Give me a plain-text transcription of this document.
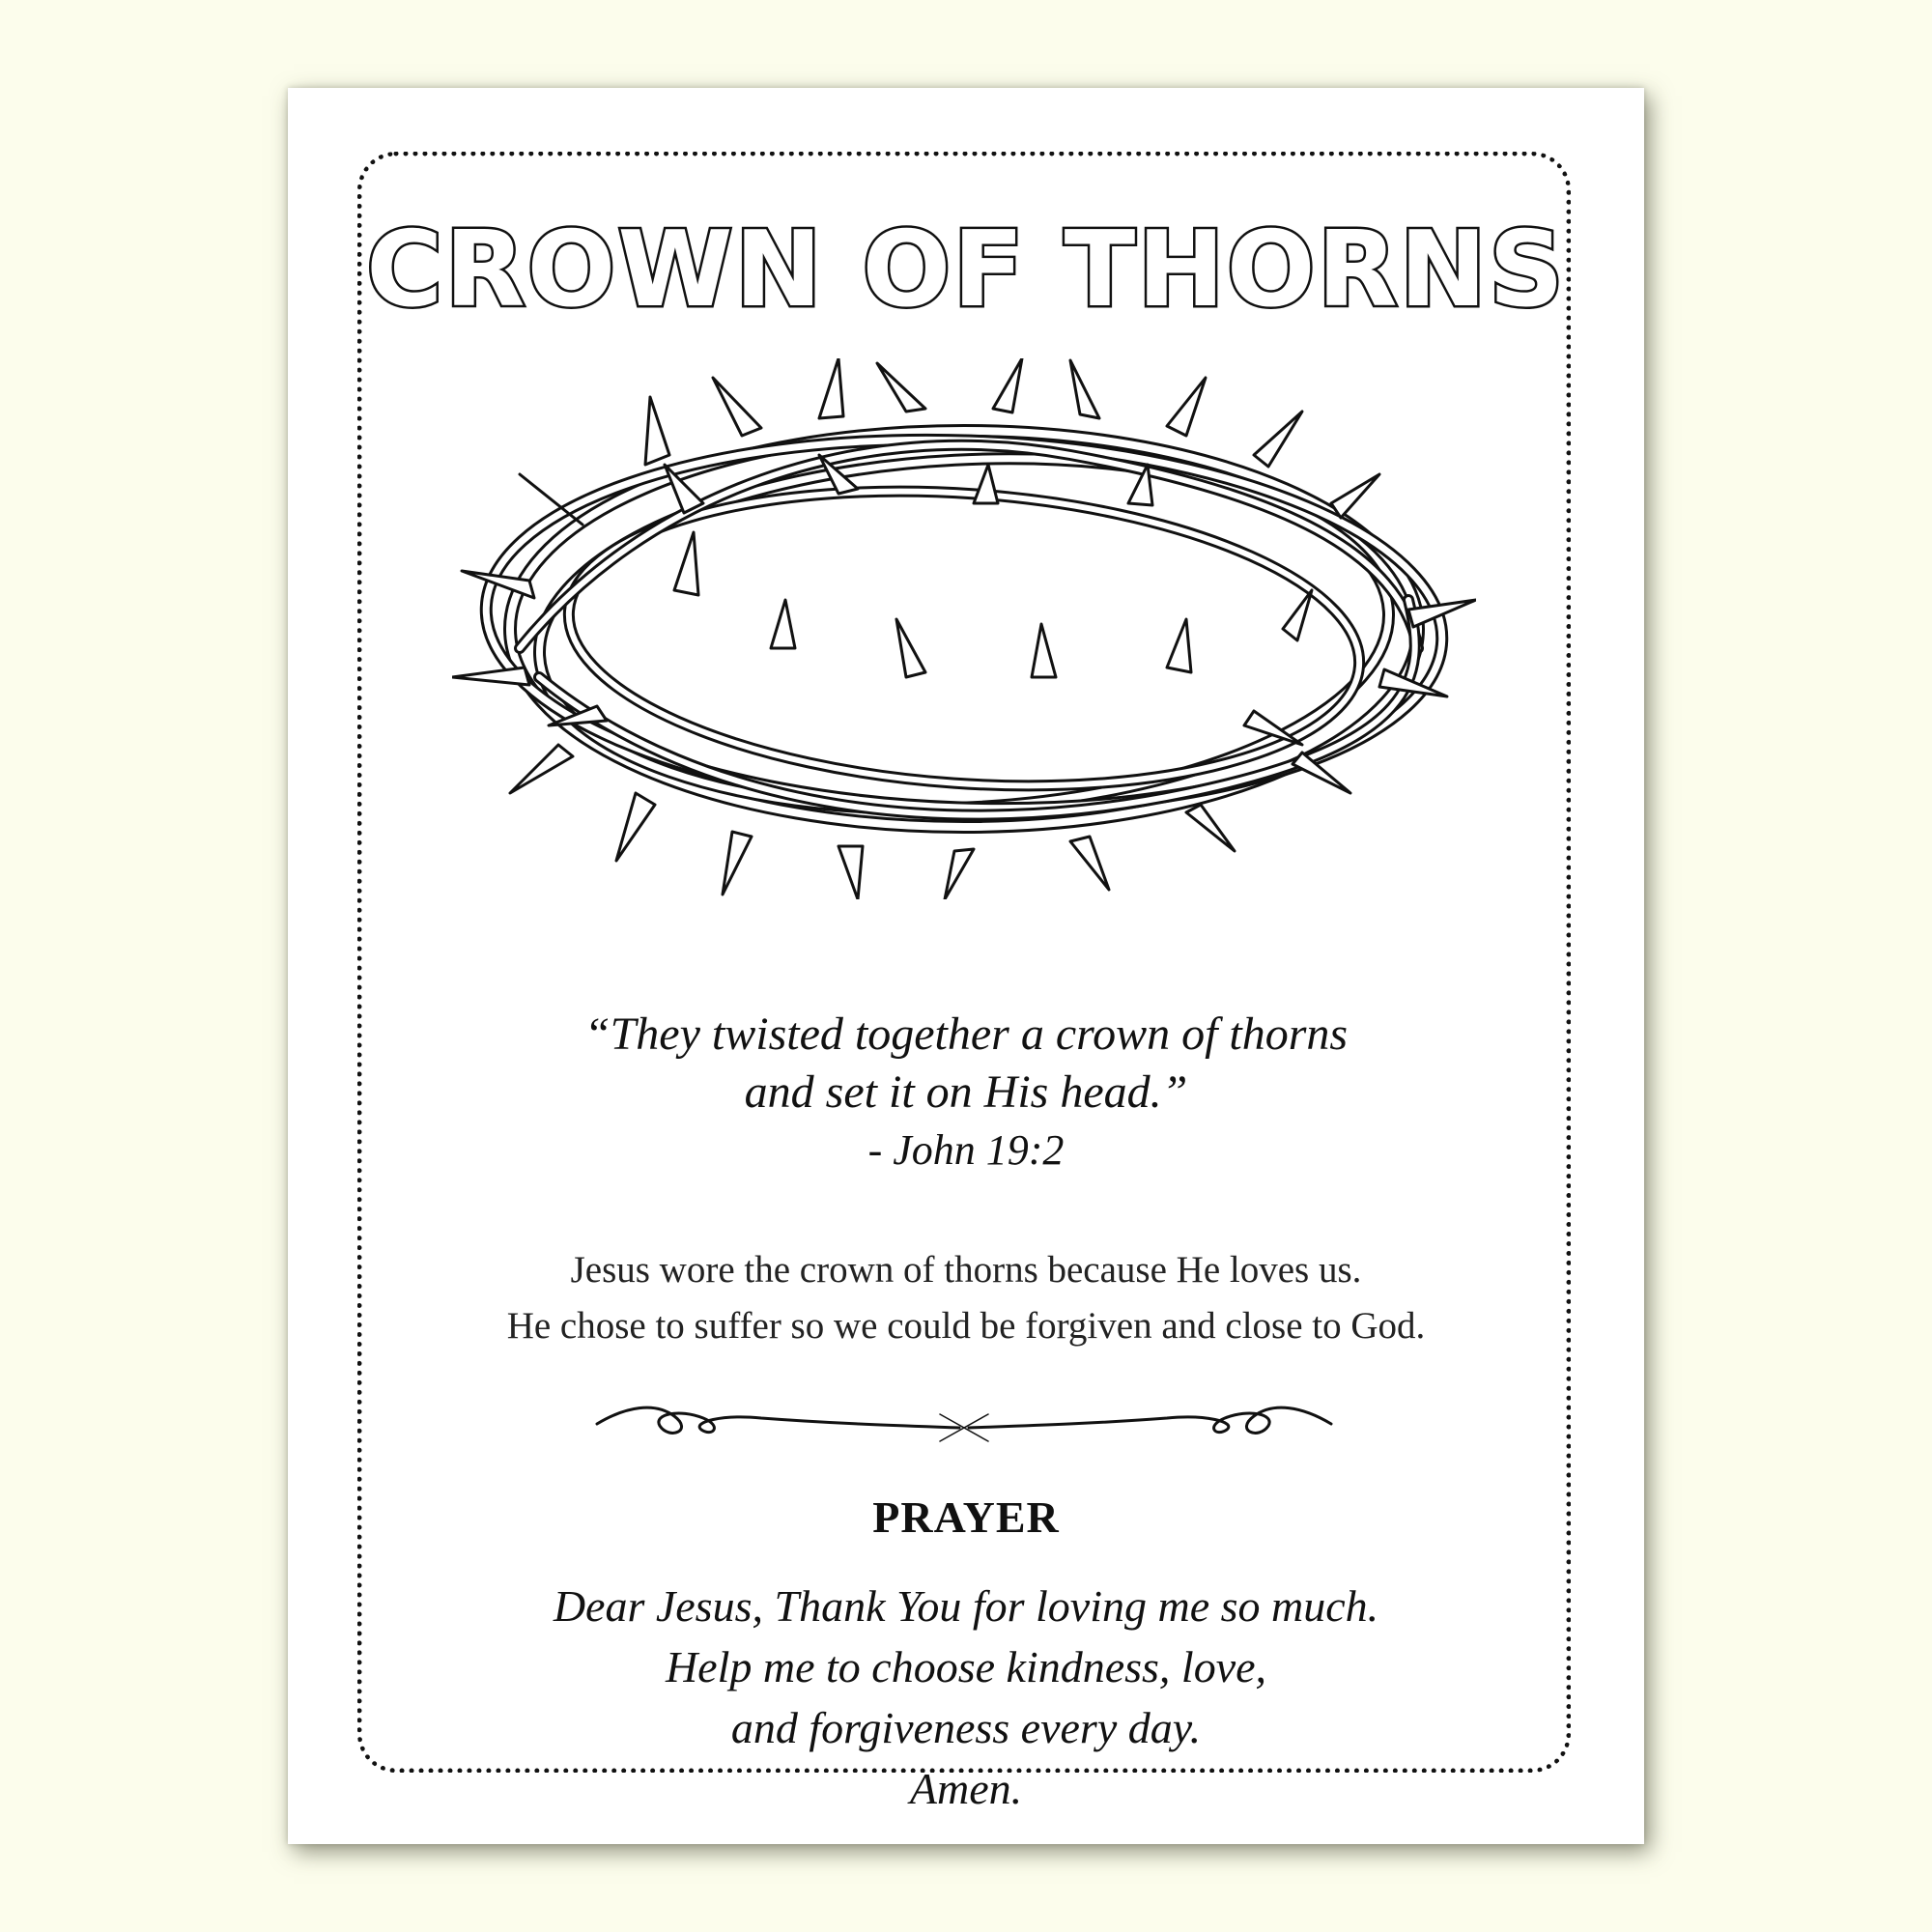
CROWN OF THORNS
“They twisted together a crown of thorns
and set it on His head.”
- John 19:2
Jesus wore the crown of thorns because He loves us.
He chose to suffer so we could be forgiven and close to God.
PRAYER
Dear Jesus, Thank You for loving me so much.
Help me to choose kindness, love,
and forgiveness every day.
Amen.
